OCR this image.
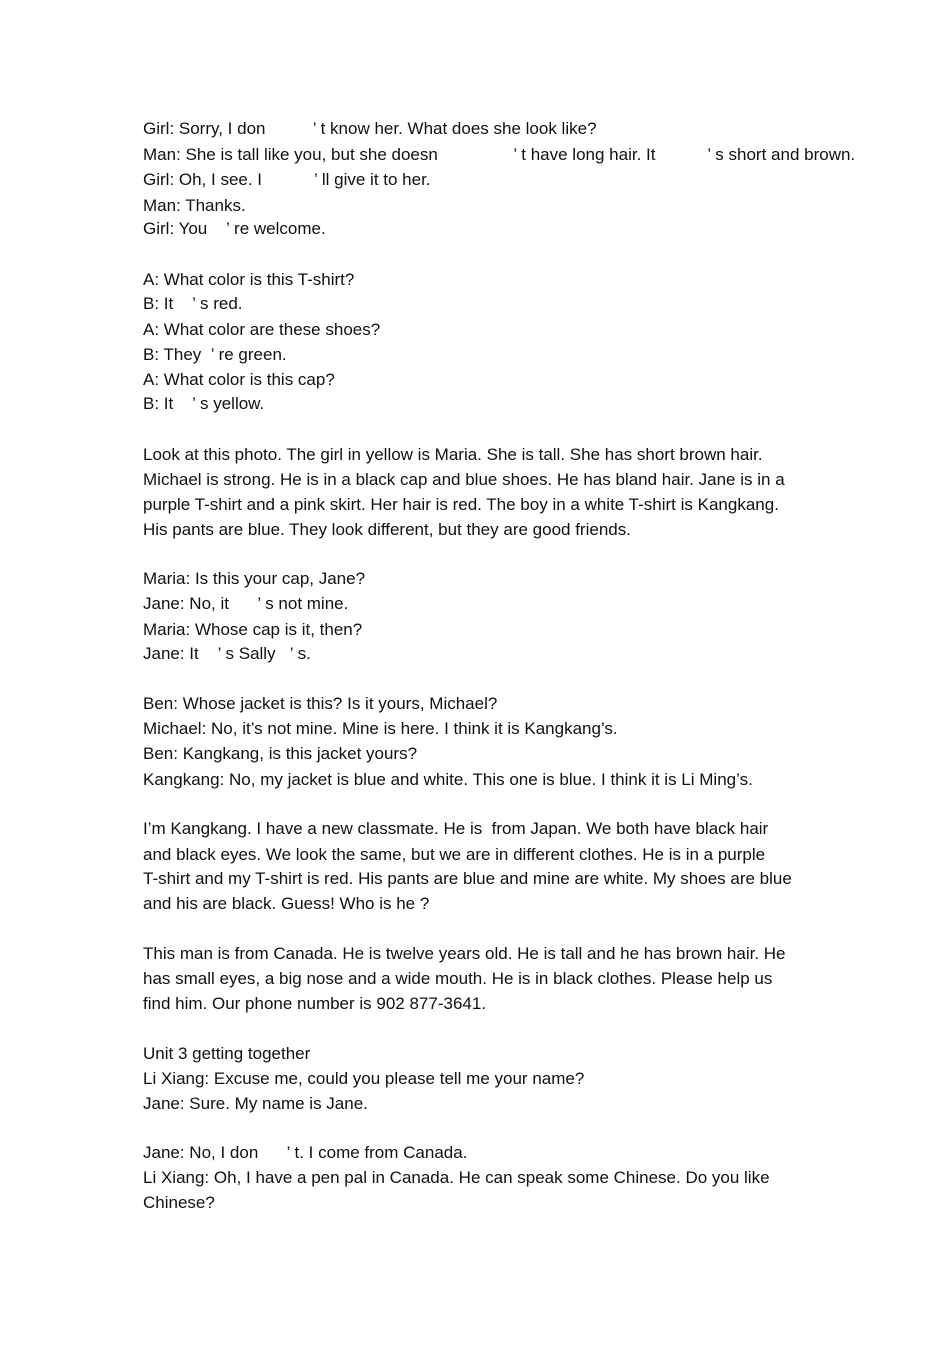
Girl: Sorry, I don          ’ t know her. What does she look like?
Man: She is tall like you, but she doesn                ’ t have long hair. It           ’ s short and brown.
Girl: Oh, I see. I           ’ ll give it to her.
Man: Thanks.
Girl: You    ’ re welcome.
A: What color is this T-shirt?
B: It    ’ s red.
A: What color are these shoes?
B: They  ’ re green.
A: What color is this cap?
B: It    ’ s yellow.
Look at this photo. The girl in yellow is Maria. She is tall. She has short brown hair.
Michael is strong. He is in a black cap and blue shoes. He has bland hair. Jane is in a
purple T-shirt and a pink skirt. Her hair is red. The boy in a white T-shirt is Kangkang.
His pants are blue. They look different, but they are good friends.
Maria: Is this your cap, Jane?
Jane: No, it      ’ s not mine.
Maria: Whose cap is it, then?
Jane: It    ’ s Sally   ’ s.
Ben: Whose jacket is this? Is it yours, Michael?
Michael: No, it’s not mine. Mine is here. I think it is Kangkang’s.
Ben: Kangkang, is this jacket yours?
Kangkang: No, my jacket is blue and white. This one is blue. I think it is Li Ming’s.
I’m Kangkang. I have a new classmate. He is  from Japan. We both have black hair
and black eyes. We look the same, but we are in different clothes. He is in a purple
T-shirt and my T-shirt is red. His pants are blue and mine are white. My shoes are blue
and his are black. Guess! Who is he ?
This man is from Canada. He is twelve years old. He is tall and he has brown hair. He
has small eyes, a big nose and a wide mouth. He is in black clothes. Please help us
find him. Our phone number is 902 877-3641.
Unit 3 getting together
Li Xiang: Excuse me, could you please tell me your name?
Jane: Sure. My name is Jane.
Jane: No, I don      ’ t. I come from Canada.
Li Xiang: Oh, I have a pen pal in Canada. He can speak some Chinese. Do you like
Chinese?
